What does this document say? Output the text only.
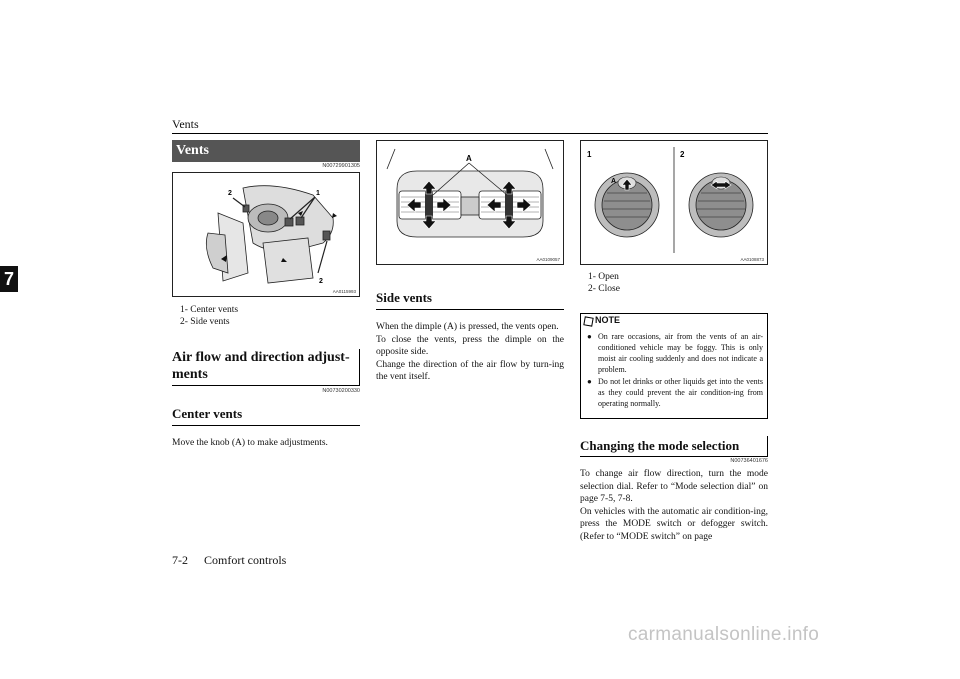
Vents
7
Vents
N00729901305
2	1
2
AA0115993
1- Center vents
2- Side vents
Air flow and direction adjust-
ments
N00730200330
Center vents
Move the knob (A) to make adjustments.
A
AA0109057
Side vents
When the dimple (A) is pressed, the vents open.
To close the vents, press the dimple on the opposite side.
Change the direction of the air flow by turn-ing the vent itself.
1	2
A
AA0108873
1- Open
2- Close
NOTE
● On rare occasions, air from the vents of an air-conditioned vehicle may be foggy. This is only moist air cooling suddenly and does not indicate a problem.
● Do not let drinks or other liquids get into the vents as they could prevent the air condition-ing from operating normally.
Changing the mode selection
N00736401676
To change air flow direction, turn the mode selection dial. Refer to “Mode selection dial” on page 7-5, 7-8.
On vehicles with the automatic air condition-ing, press the MODE switch or defogger switch. (Refer to “MODE switch” on page
7-2 Comfort controls
carmanualsonline.info
